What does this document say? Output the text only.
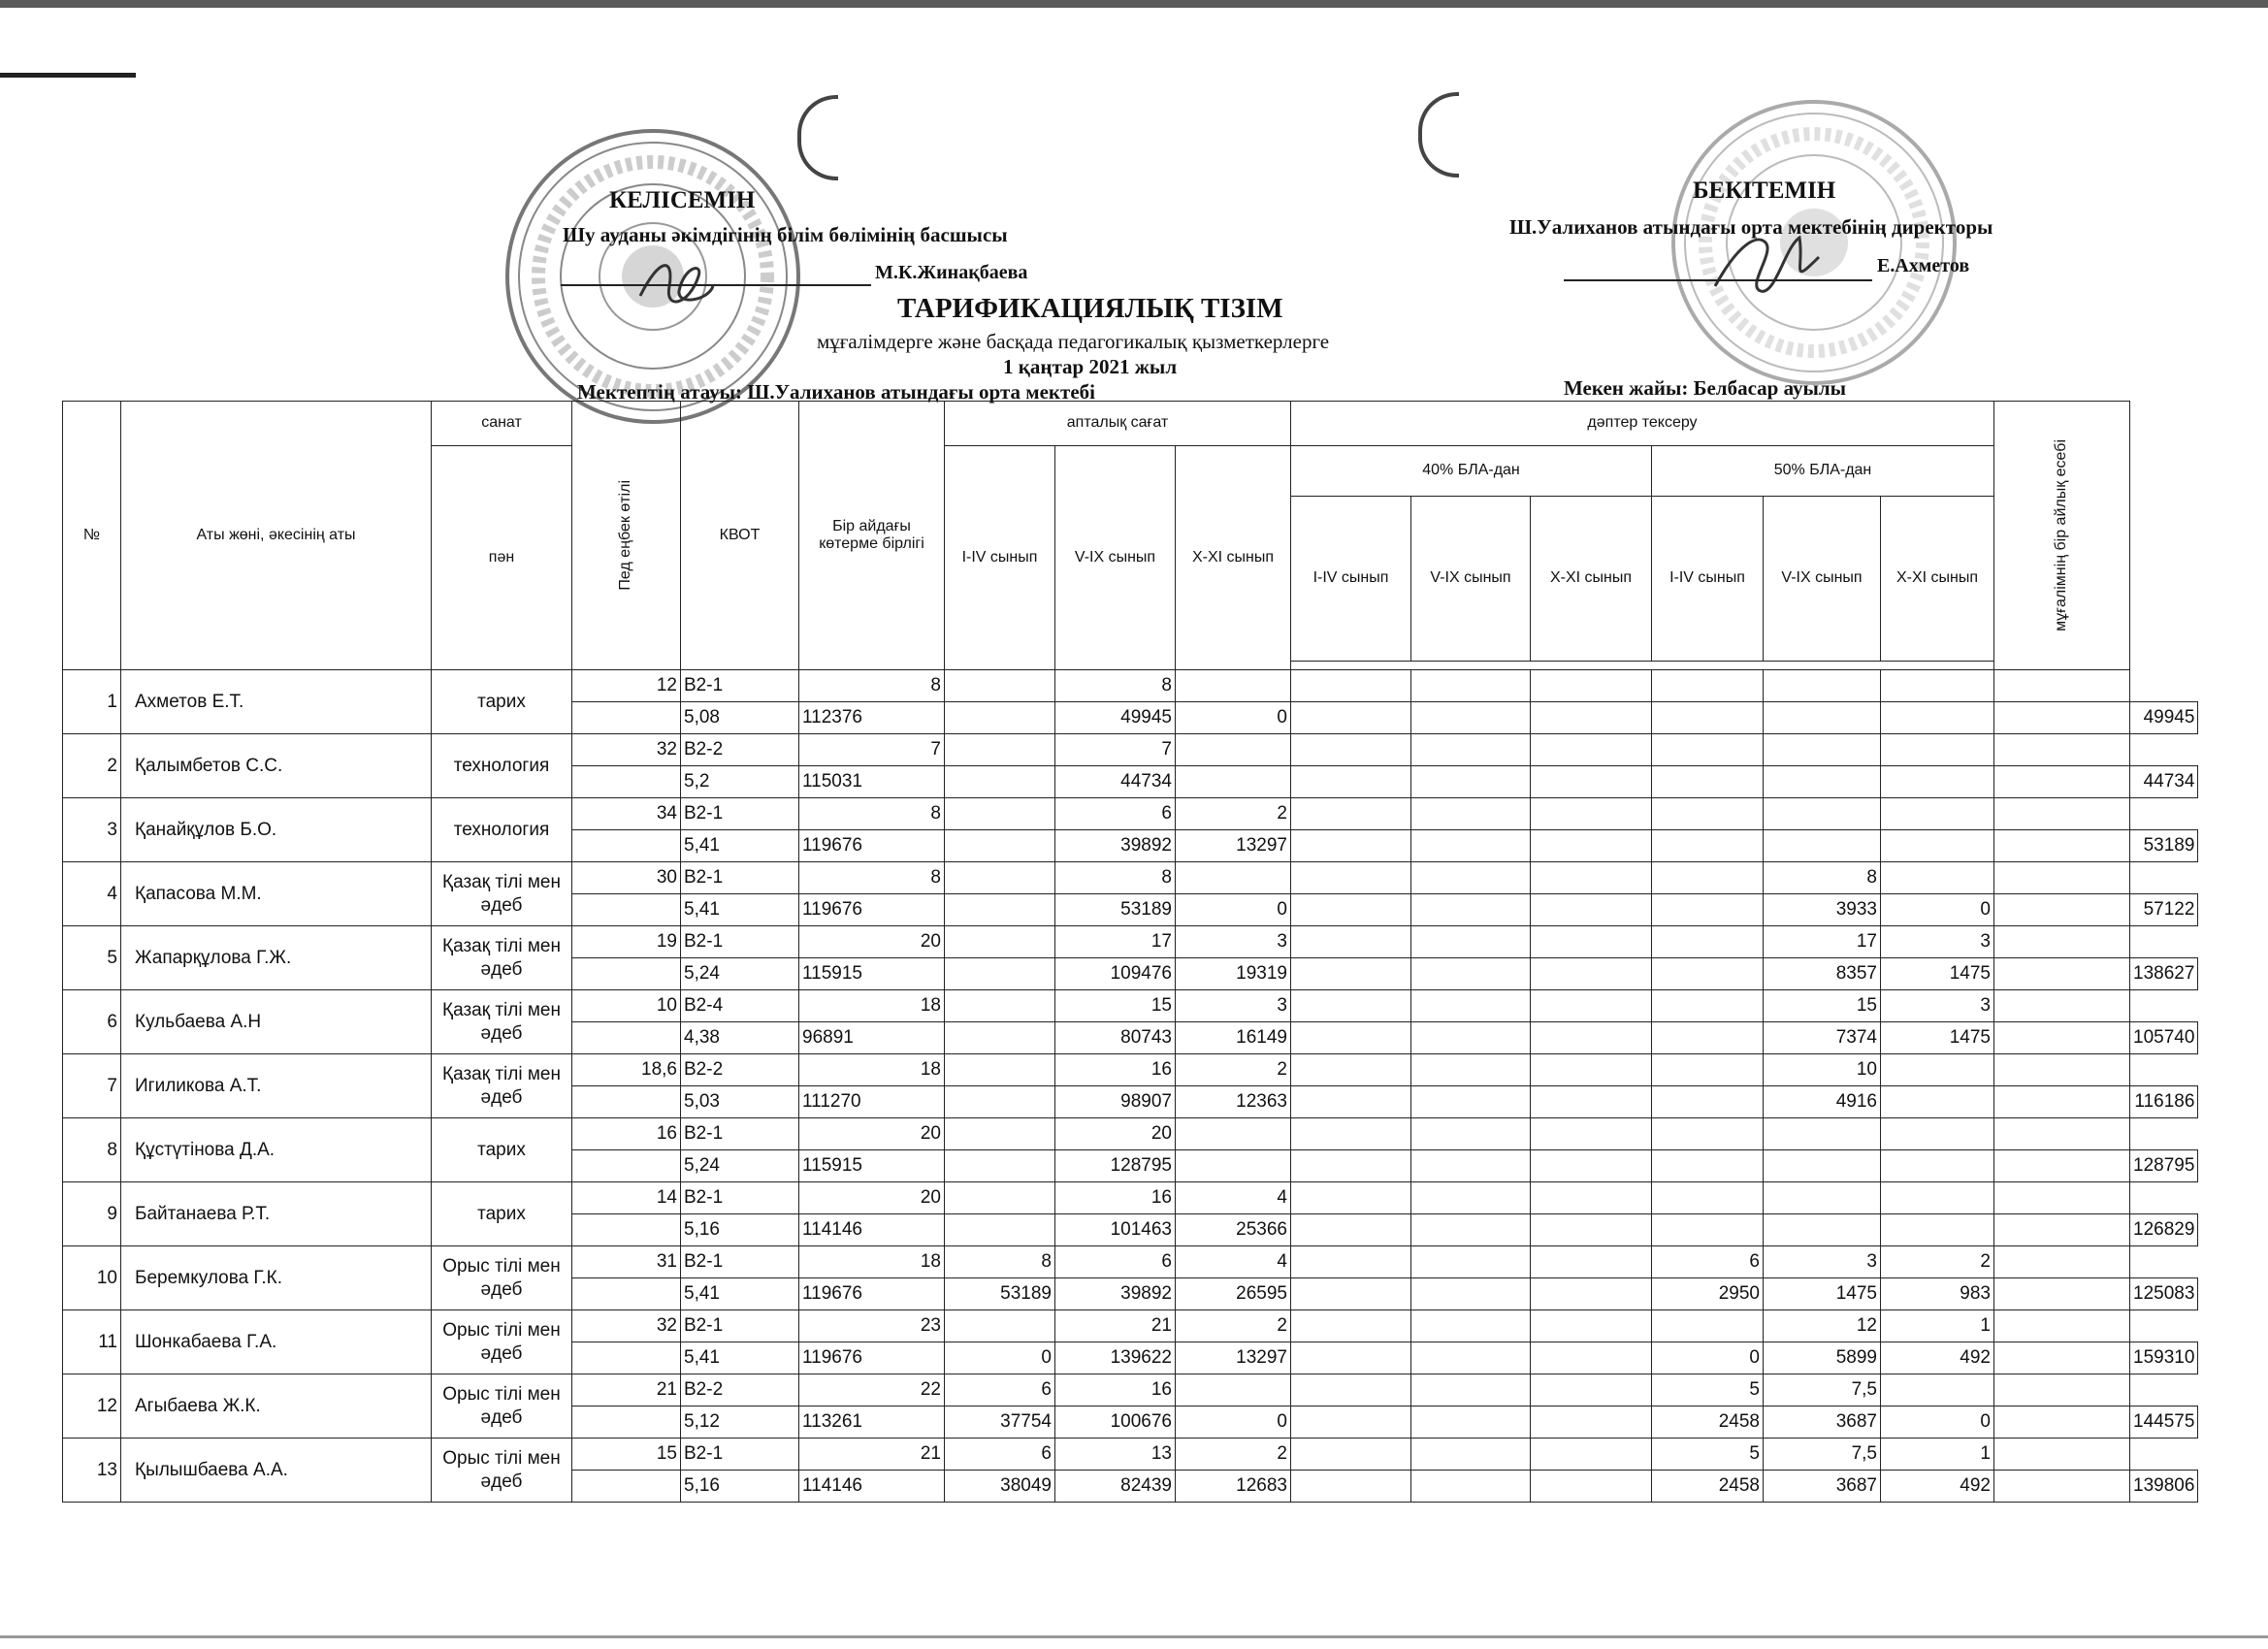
КЕЛІСЕМІН
Шу ауданы әкімдігінің білім бөлімінің басшысы
М.К.Жинақбаева
БЕКІТЕМІН
Ш.Уалиханов атындағы орта мектебінің директоры
Е.Ахметов
ТАРИФИКАЦИЯЛЫҚ ТІЗІМ
мұғалімдерге және басқада педагогикалық қызметкерлерге
1 қаңтар 2021 жыл
Мектептің атауы: Ш.Уалиханов атындағы орта мектебі	Мекен жайы: Белбасар ауылы
№	Аты жөні, әкесінің аты	санат	Пед еңбек өтілі	КВОТ	Бір айдағы көтерме бірлігі	апталық сағат			дәптер тексеру						мұғалімнің бір айлық есебі	

		пән				I-IV сынып	V-IX сынып	X-XI сынып	40% БЛА-дан			50% БЛА-дан				
									I-IV сынып	V-IX сынып	X-XI сынып	I-IV сынып	V-IX сынып	X-XI сынып		

1	Ахметов Е.Т.	тарих	12	В2-1	8		8									
				5,08	112376		49945	0								49945
2	Қалымбетов С.С.	технология	32	В2-2	7		7									
				5,2	115031		44734									44734
3	Қанайқұлов Б.О.	технология	34	В2-1	8		6	2								
				5,41	119676		39892	13297								53189
4	Қапасова М.М.	Қазақ тілі мен әдеб	30	В2-1	8		8						8			
				5,41	119676		53189	0					3933	0		57122
5	Жапарқұлова Г.Ж.	Қазақ тілі мен әдеб	19	В2-1	20		17	3					17	3		
				5,24	115915		109476	19319					8357	1475		138627
6	Кульбаева А.Н	Қазақ тілі мен әдеб	10	В2-4	18		15	3					15	3		
				4,38	96891		80743	16149					7374	1475		105740
7	Игиликова А.Т.	Қазақ тілі мен әдеб	18,6	В2-2	18		16	2					10			
				5,03	111270		98907	12363					4916			116186
8	Құстүтінова Д.А.	тарих	16	В2-1	20		20									
				5,24	115915		128795									128795
9	Байтанаева Р.Т.	тарих	14	В2-1	20		16	4								
				5,16	114146		101463	25366								126829
10	Беремкулова Г.К.	Орыс тілі мен әдеб	31	В2-1	18	8	6	4				6	3	2		
				5,41	119676	53189	39892	26595				2950	1475	983		125083
11	Шонкабаева Г.А.	Орыс тілі мен әдеб	32	В2-1	23		21	2					12	1		
				5,41	119676	0	139622	13297				0	5899	492		159310
12	Агыбаева Ж.К.	Орыс тілі мен әдеб	21	В2-2	22	6	16					5	7,5			
				5,12	113261	37754	100676	0				2458	3687	0		144575
13	Қылышбаева А.А.	Орыс тілі мен әдеб	15	В2-1	21	6	13	2				5	7,5	1		
				5,16	114146	38049	82439	12683				2458	3687	492		139806
